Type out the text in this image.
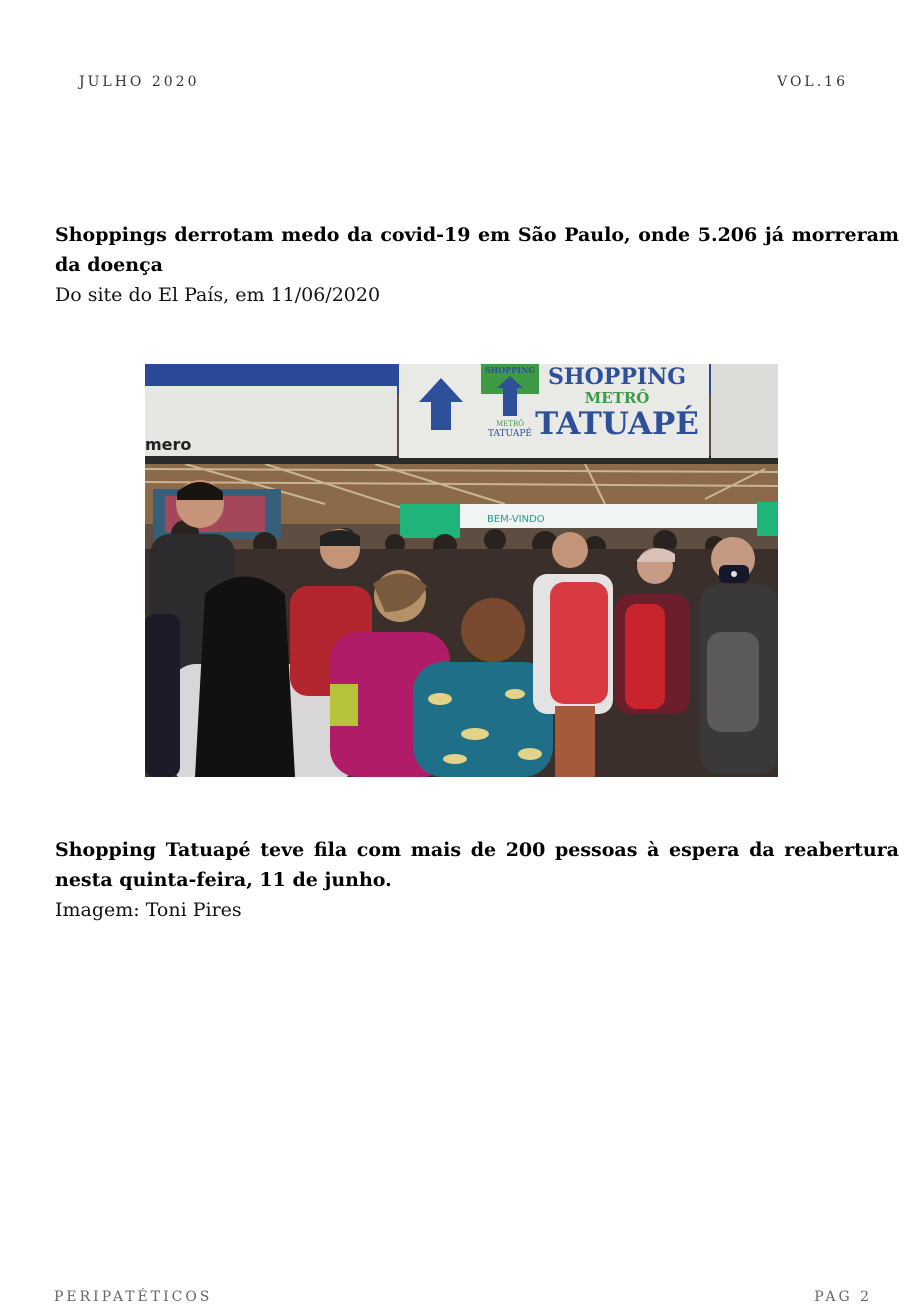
JULHO 2020	VOL.16

Shoppings derrotam medo da covid-19 em São Paulo, onde 5.206 já morreram da doença

Do site do El País, em 11/06/2020

mero
SHOPPING
METRÔ
TATUAPÉ
SHOPPING
METRÔ
TATUAPÉ
BEM-VINDO

Shopping Tatuapé teve fila com mais de 200 pessoas à espera da reabertura nesta quinta-feira, 11 de junho.

Imagem: Toni Pires

PERIPATÉTICOS	PAG 2
